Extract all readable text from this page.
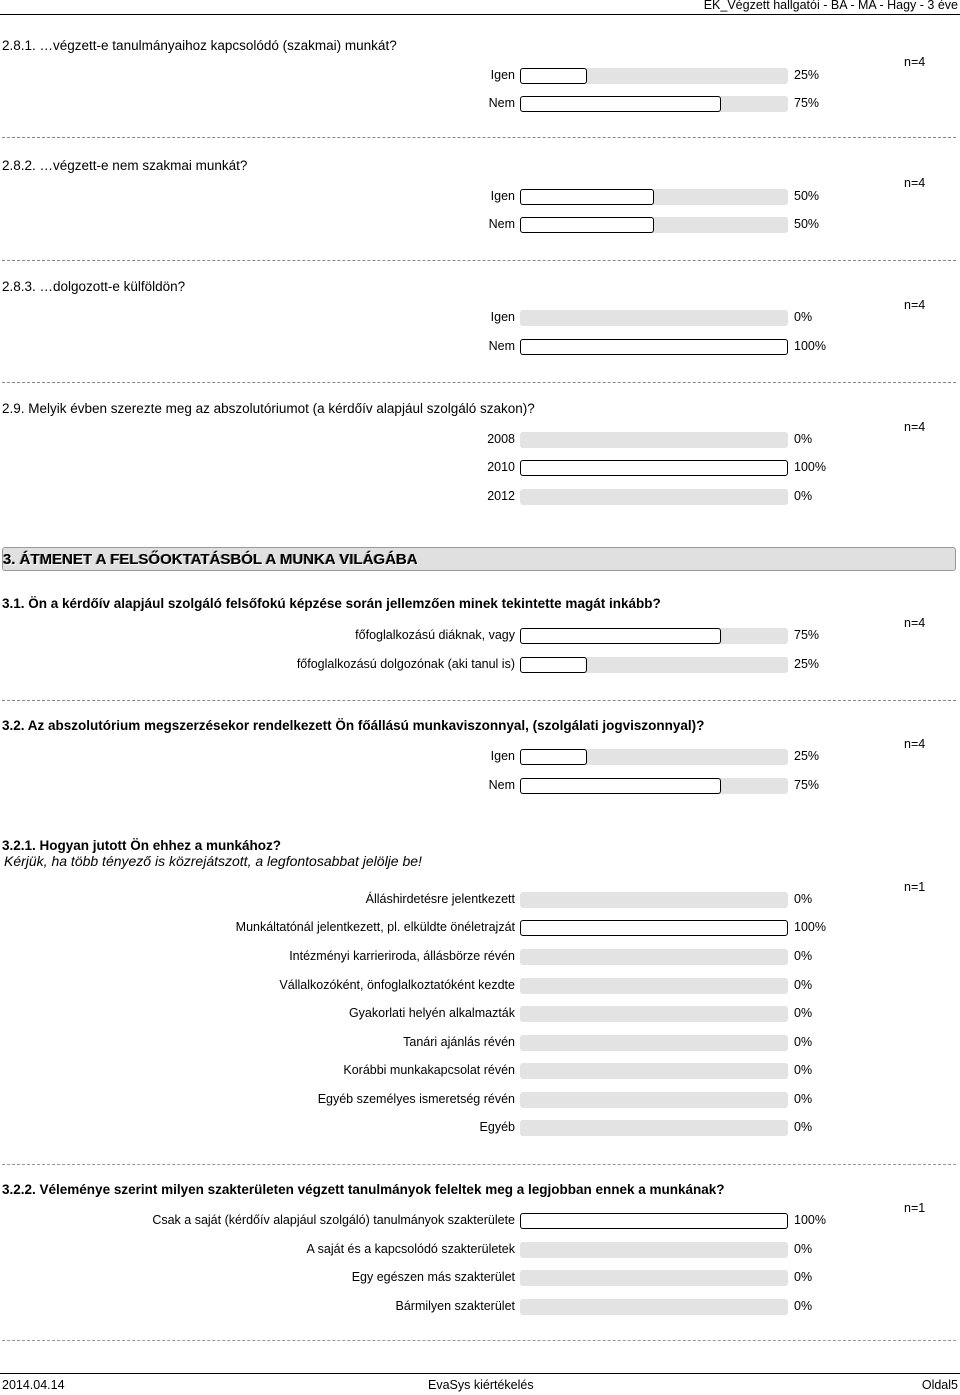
EK_Végzett hallgatói - BA - MA - Hagy - 3 éve
2.8.1. …végzett-e tanulmányaihoz kapcsolódó (szakmai) munkát?
2.8.2. …végzett-e nem szakmai munkát?
2.8.3. …dolgozott-e külföldön?
2.9. Melyik évben szerezte meg az abszolutóriumot (a kérdőív alapjául szolgáló szakon)?
3. ÁTMENET A FELSŐOKTATÁSBÓL A MUNKA VILÁGÁBA
3.1. Ön a kérdőív alapjául szolgáló felsőfokú képzése során jellemzően minek tekintette magát inkább?
3.2. Az abszolutórium megszerzésekor rendelkezett Ön főállású munkaviszonnyal, (szolgálati jogviszonnyal)?
3.2.1. Hogyan jutott Ön ehhez a munkához?
Kérjük, ha több tényező is közrejátszott, a legfontosabbat jelölje be!
3.2.2. Véleménye szerint milyen szakterületen végzett tanulmányok feleltek meg a legjobban ennek a munkának?
2014.04.14	EvaSys kiértékelés	Oldal5
Igen	25%
Nem	75%
n=4
Igen	50%
Nem	50%
n=4
Igen	0%
Nem	100%
n=4
2008	0%
2010	100%
2012	0%
n=4
főfoglalkozású diáknak, vagy	75%
főfoglalkozású dolgozónak (aki tanul is)	25%
n=4
Igen	25%
Nem	75%
n=4
Álláshirdetésre jelentkezett	0%
Munkáltatónál jelentkezett, pl. elküldte önéletrajzát	100%
Intézményi karrieriroda, állásbörze révén	0%
Vállalkozóként, önfoglalkoztatóként kezdte	0%
Gyakorlati helyén alkalmazták	0%
Tanári ajánlás révén	0%
Korábbi munkakapcsolat révén	0%
Egyéb személyes ismeretség révén	0%
Egyéb	0%
n=1
Csak a saját (kérdőív alapjául szolgáló) tanulmányok szakterülete	100%
A saját és a kapcsolódó szakterületek	0%
Egy egészen más szakterület	0%
Bármilyen szakterület	0%
n=1
